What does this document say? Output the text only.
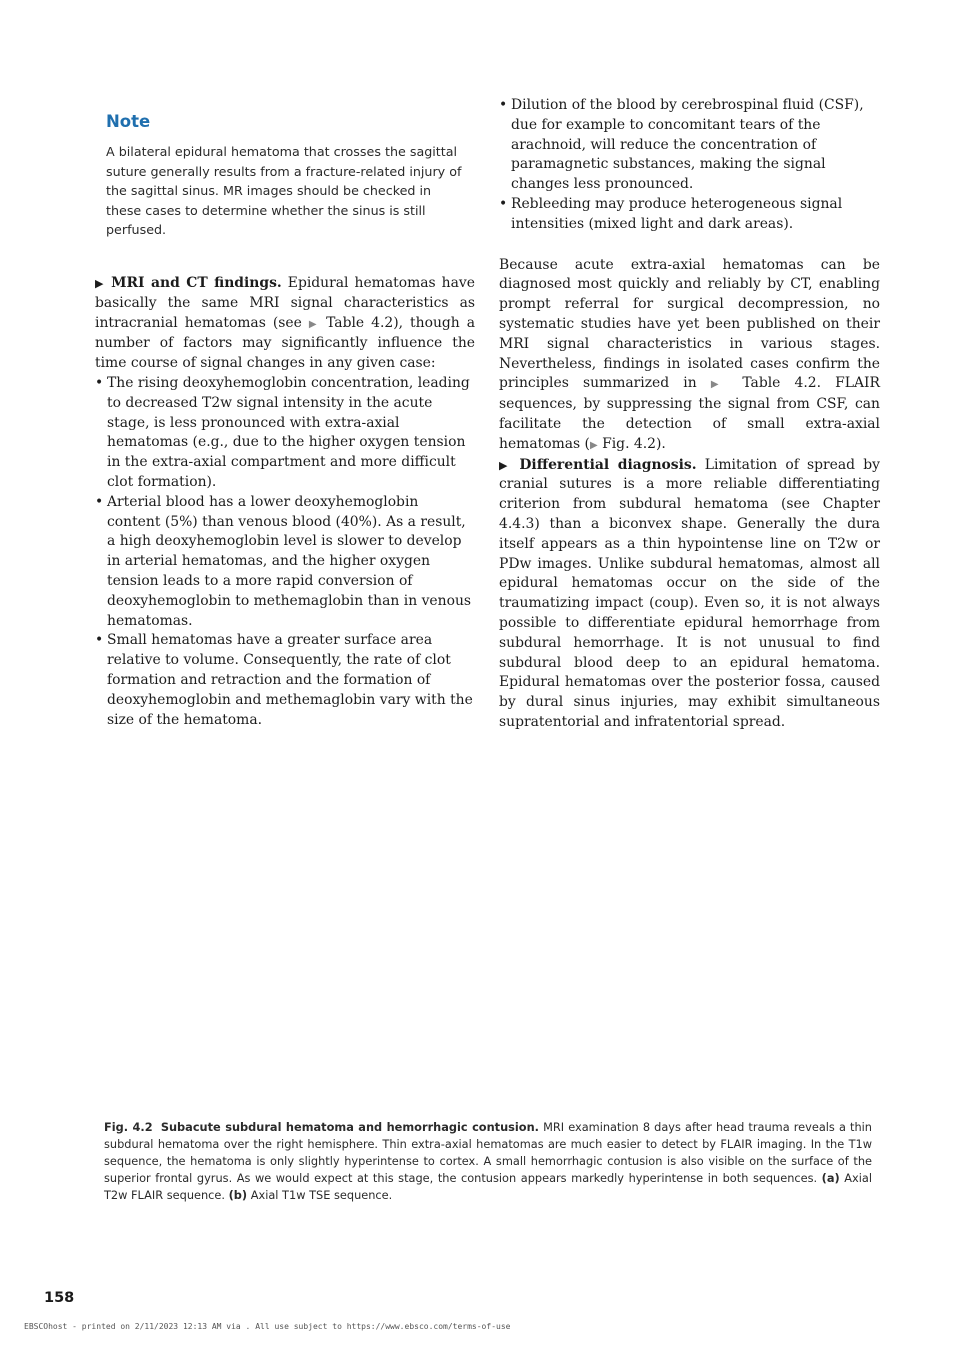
Note

A bilateral epidural hematoma that crosses the sagittal suture generally results from a fracture-related injury of the sagittal sinus. MR images should be checked in these cases to determine whether the sinus is still perfused.

▶ MRI and CT findings. Epidural hematomas have basically the same MRI signal characteristics as intracranial hematomas (see ▶ Table 4.2), though a number of factors may significantly influence the time course of signal changes in any given case:

• The rising deoxyhemoglobin concentration, leading to decreased T2w signal intensity in the acute stage, is less pronounced with extra-axial hematomas (e.g., due to the higher oxygen tension in the extra-axial compartment and more difficult clot formation).
• Arterial blood has a lower deoxyhemoglobin content (5%) than venous blood (40%). As a result, a high deoxyhemoglobin level is slower to develop in arterial hematomas, and the higher oxygen tension leads to a more rapid conversion of deoxyhemoglobin to methemaglobin than in venous hematomas.
• Small hematomas have a greater surface area relative to volume. Consequently, the rate of clot formation and retraction and the formation of deoxyhemoglobin and methemaglobin vary with the size of the hematoma.
• Dilution of the blood by cerebrospinal fluid (CSF), due for example to concomitant tears of the arachnoid, will reduce the concentration of paramagnetic substances, making the signal changes less pronounced.
• Rebleeding may produce heterogeneous signal intensities (mixed light and dark areas).

Because acute extra-axial hematomas can be diagnosed most quickly and reliably by CT, enabling prompt referral for surgical decompression, no systematic studies have yet been published on their MRI signal characteristics in various stages. Nevertheless, findings in isolated cases confirm the principles summarized in ▶ Table 4.2. FLAIR sequences, by suppressing the signal from CSF, can facilitate the detection of small extra-axial hematomas (▶ Fig. 4.2).

▶ Differential diagnosis. Limitation of spread by cranial sutures is a more reliable differentiating criterion from subdural hematoma (see Chapter 4.4.3) than a biconvex shape. Generally the dura itself appears as a thin hypointense line on T2w or PDw images. Unlike subdural hematomas, almost all epidural hematomas occur on the side of the traumatizing impact (coup). Even so, it is not always possible to differentiate epidural hemorrhage from subdural hemorrhage. It is not unusual to find subdural blood deep to an epidural hematoma. Epidural hematomas over the posterior fossa, caused by dural sinus injuries, may exhibit simultaneous supratentorial and infratentorial spread.

Fig. 4.2 Subacute subdural hematoma and hemorrhagic contusion. MRI examination 8 days after head trauma reveals a thin subdural hematoma over the right hemisphere. Thin extra-axial hematomas are much easier to detect by FLAIR imaging. In the T1w sequence, the hematoma is only slightly hyperintense to cortex. A small hemorrhagic contusion is also visible on the surface of the superior frontal gyrus. As we would expect at this stage, the contusion appears markedly hyperintense in both sequences. (a) Axial T2w FLAIR sequence. (b) Axial T1w TSE sequence.

158
EBSCOhost - printed on 2/11/2023 12:13 AM via . All use subject to https://www.ebsco.com/terms-of-use
